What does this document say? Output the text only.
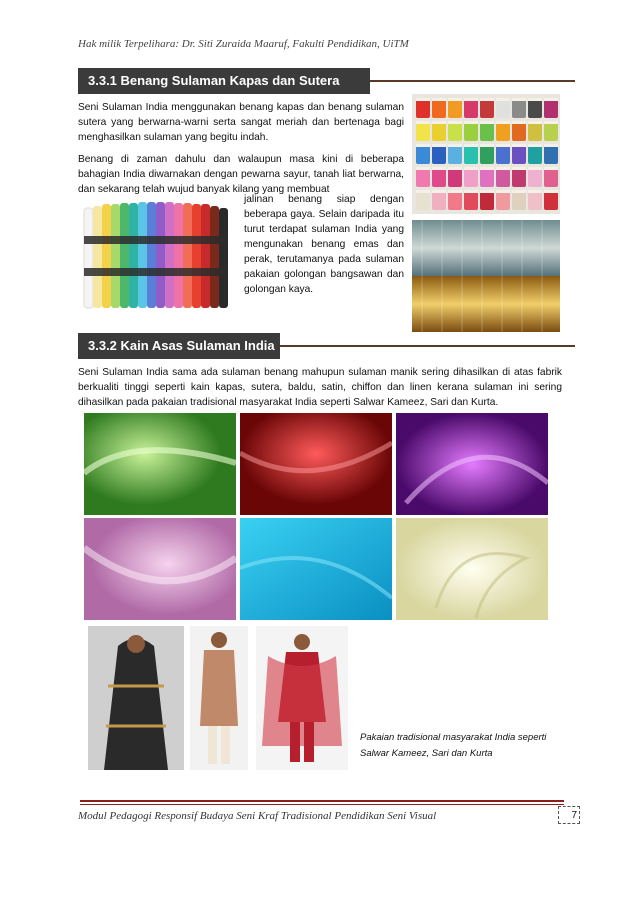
Hak milik Terpelihara: Dr. Siti Zuraida Maaruf, Fakulti Pendidikan, UiTM
3.3.1 Benang Sulaman Kapas dan Sutera
Seni Sulaman India menggunakan benang kapas dan benang sulaman sutera yang berwarna-warni serta sangat meriah dan bertenaga bagi menghasilkan sulaman yang begitu indah.
Benang di zaman dahulu dan walaupun masa kini di beberapa bahagian India diwarnakan dengan pewarna sayur, tanah liat berwarna, dan sekarang telah wujud banyak kilang yang membuat
jalinan benang siap dengan beberapa gaya. Selain daripada itu turut terdapat sulaman India yang mengunakan benang emas dan perak, terutamanya pada sulaman pakaian golongan bangsawan dan golongan kaya.
3.3.2 Kain Asas Sulaman India
Seni Sulaman India sama ada sulaman benang mahupun sulaman manik sering dihasilkan di atas fabrik berkualiti tinggi seperti kain kapas, sutera, baldu, satin, chiffon dan linen kerana sulaman ini sering dihasilkan pada pakaian tradisional masyarakat India seperti Salwar Kameez, Sari dan Kurta.
Pakaian tradisional masyarakat India seperti
Salwar Kameez, Sari dan Kurta
Modul Pedagogi Responsif Budaya Seni Kraf Tradisional Pendidikan Seni Visual	7
